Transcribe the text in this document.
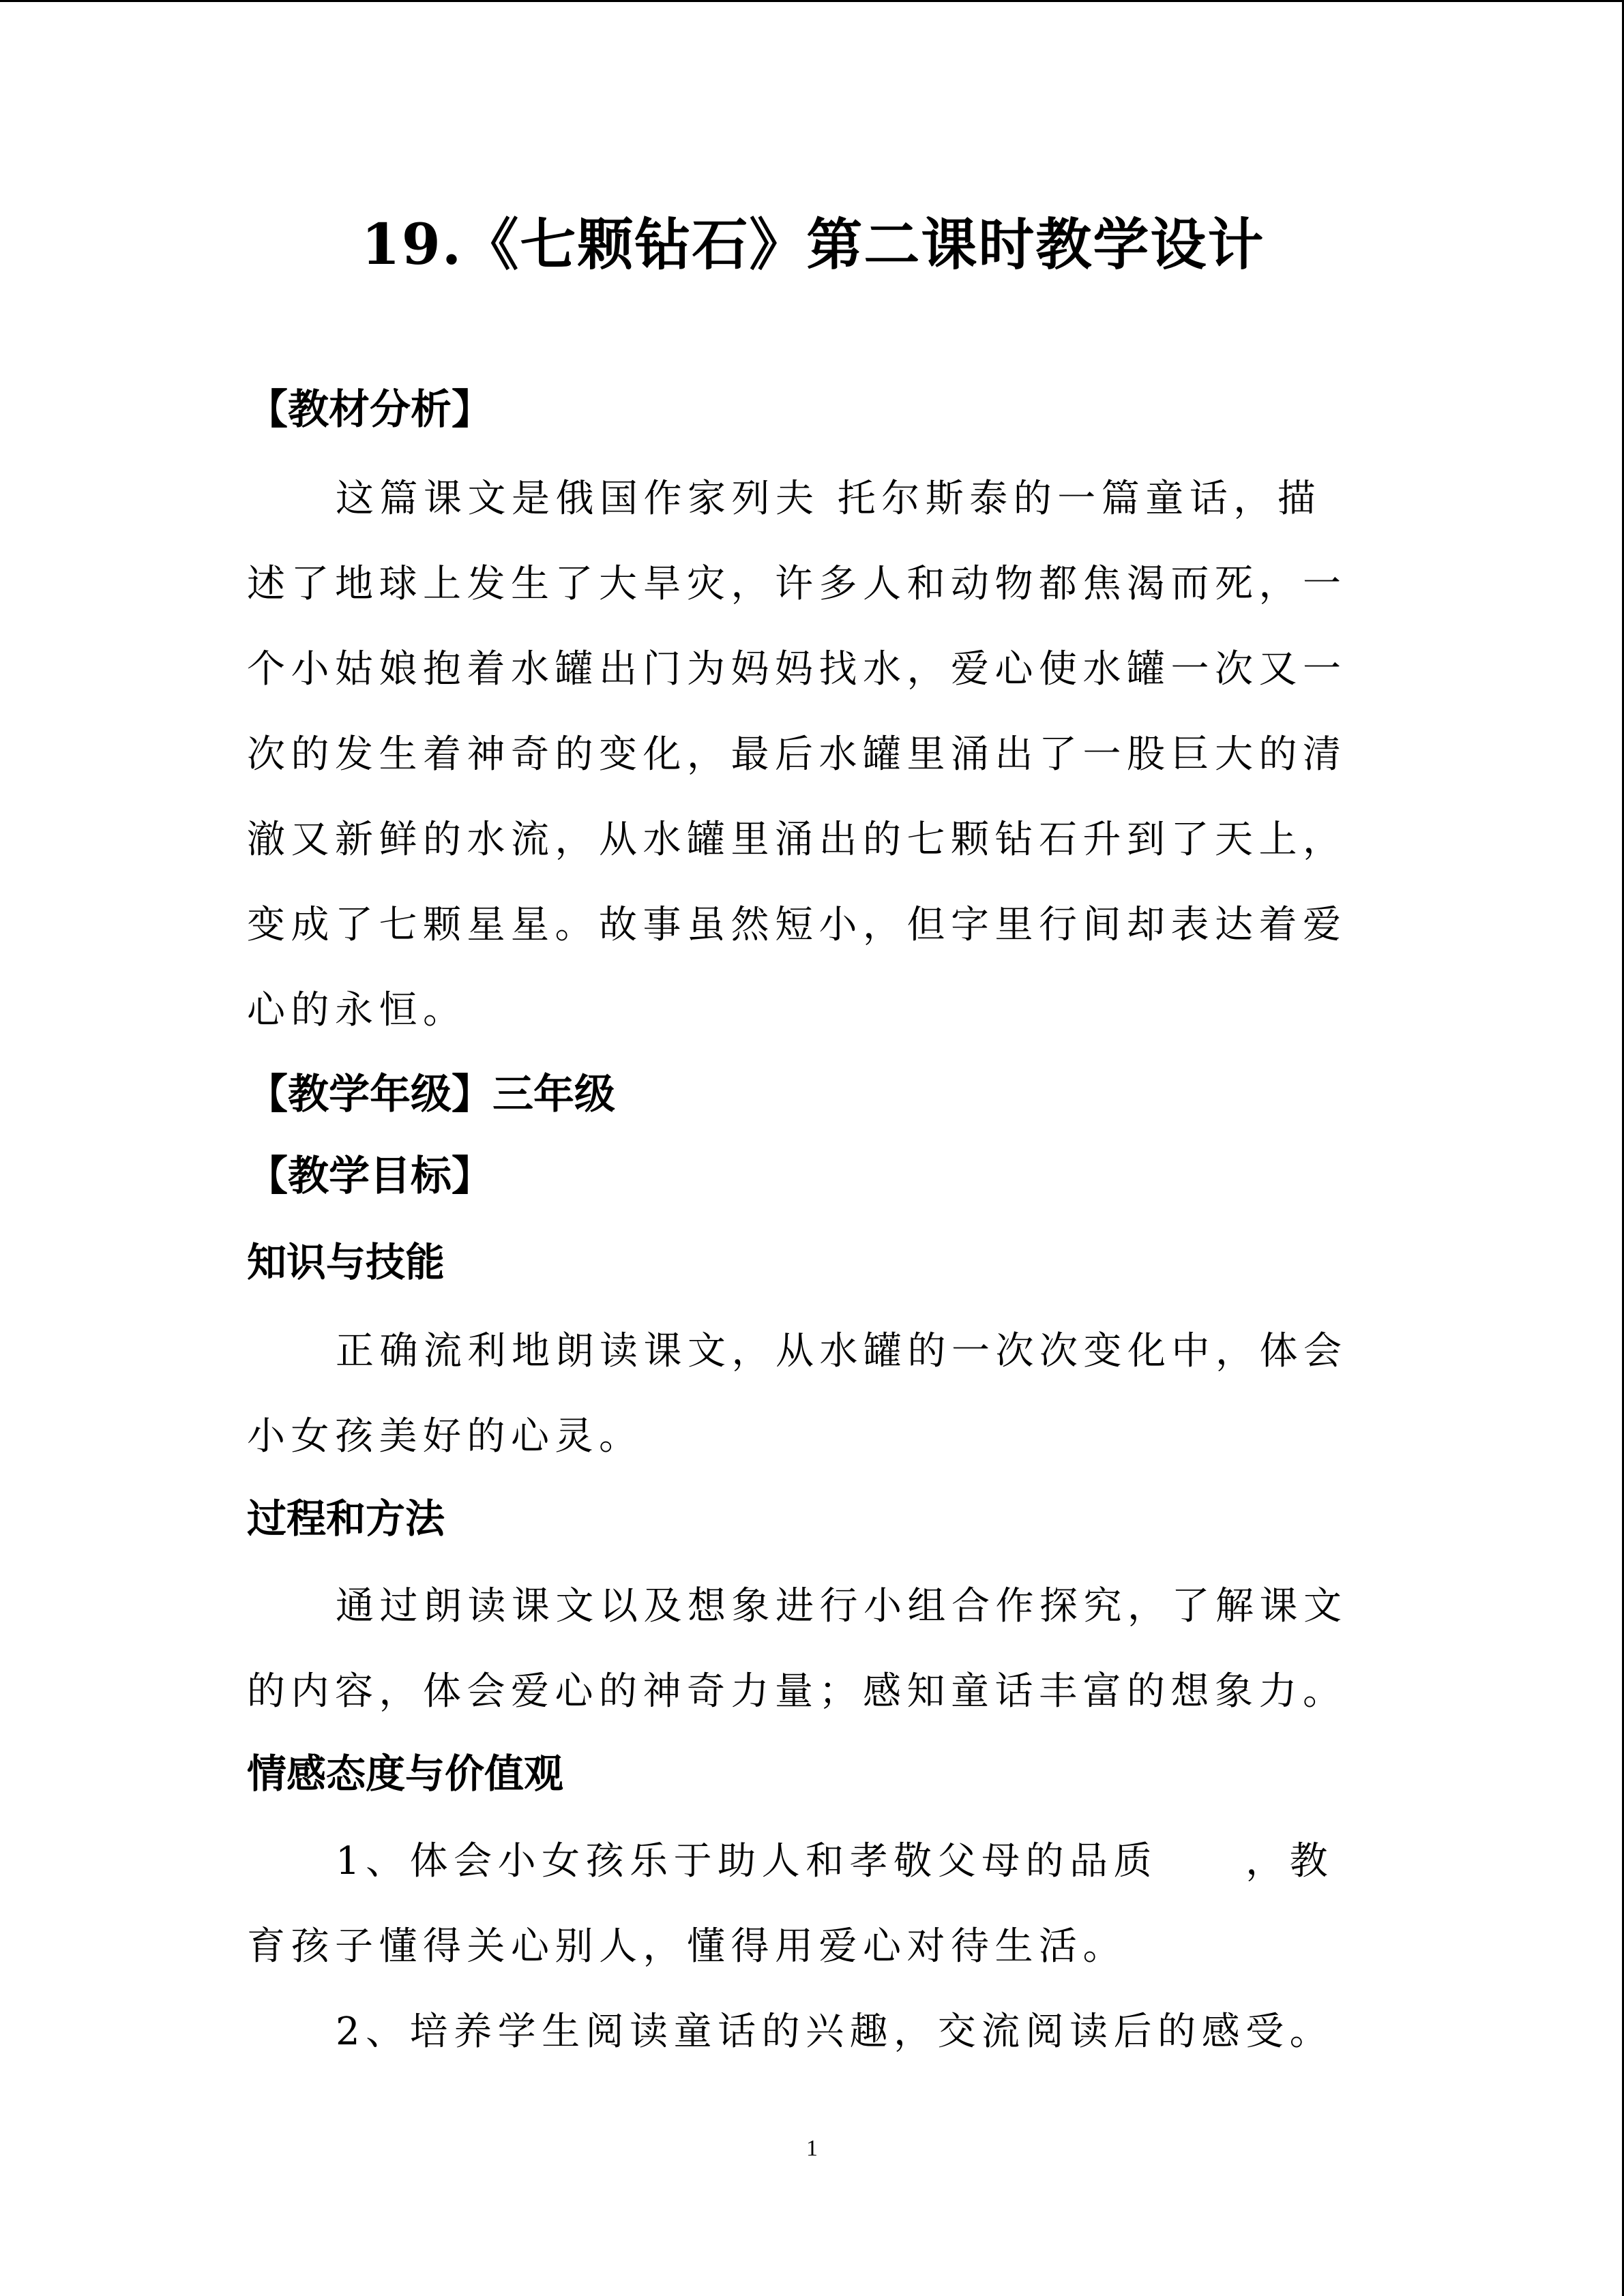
19.《七颗钻石》第二课时教学设计
【教材分析】

这篇课文是俄国作家列夫 托尔斯泰的一篇童话，描述了地球上发生了大旱灾，许多人和动物都焦渴而死，一个小姑娘抱着水罐出门为妈妈找水，爱心使水罐一次又一次的发生着神奇的变化，最后水罐里涌出了一股巨大的清澈又新鲜的水流，从水罐里涌出的七颗钻石升到了天上，变成了七颗星星。故事虽然短小，但字里行间却表达着爱心的永恒。

【教学年级】三年级
【教学目标】
知识与技能

正确流利地朗读课文，从水罐的一次次变化中，体会小女孩美好的心灵。

过程和方法

通过朗读课文以及想象进行小组合作探究，了解课文的内容，体会爱心的神奇力量；感知童话丰富的想象力。

情感态度与价值观

1、体会小女孩乐于助人和孝敬父母的品质　　，教育孩子懂得关心别人，懂得用爱心对待生活。

2、培养学生阅读童话的兴趣，交流阅读后的感受。

1
